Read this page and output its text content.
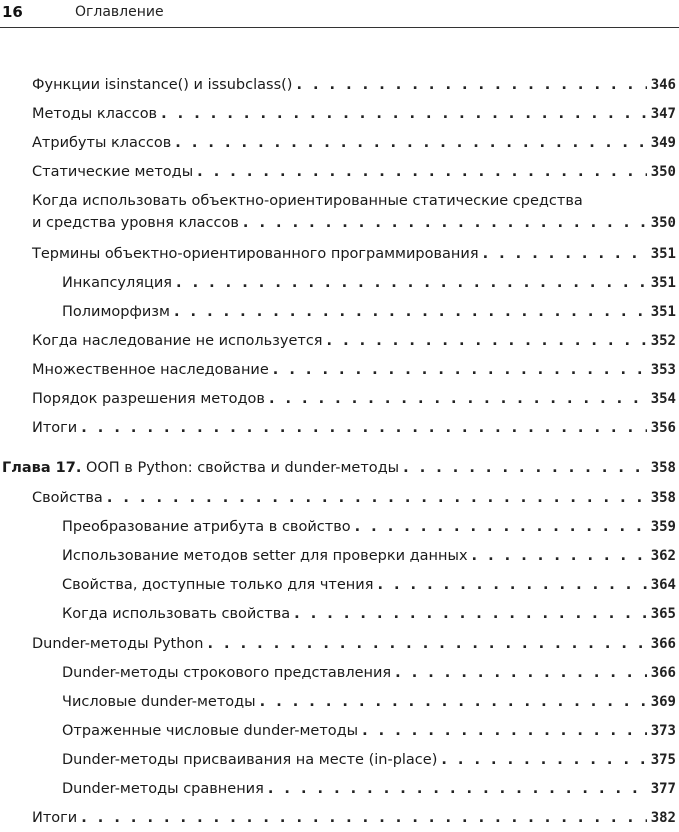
16	Оглавление
Функции isinstance() и issubclass() . . .	346
Методы классов . . .	347
Атрибуты классов . . .	349
Статические методы . . .	350
Когда использовать объектно-ориентированные статические средства
и средства уровня классов . . .	350
Термины объектно-ориентированного программирования . . .	351
Инкапсуляция . . .	351
Полиморфизм . . .	351
Когда наследование не используется . . .	352
Множественное наследование . . .	353
Порядок разрешения методов . . .	354
Итоги . . .	356
Глава 17. ООП в Python: свойства и dunder-методы . . .	358
Свойства . . .	358
Преобразование атрибута в свойство . . .	359
Использование методов setter для проверки данных . . .	362
Свойства, доступные только для чтения . . .	364
Когда использовать свойства . . .	365
Dunder-методы Python . . .	366
Dunder-методы строкового представления . . .	366
Числовые dunder-методы . . .	369
Отраженные числовые dunder-методы . . .	373
Dunder-методы присваивания на месте (in-place) . . .	375
Dunder-методы сравнения . . .	377
Итоги . . .	382
